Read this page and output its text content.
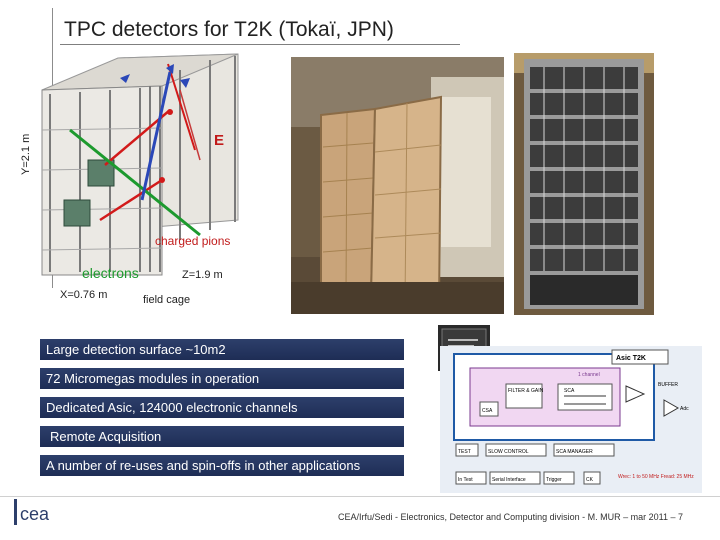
TPC detectors for T2K (Tokaï, JPN)
Y=2.1 m	E
charged pions
electrons	Z=1.9 m
X=0.76 m	field cage
Large detection surface ~10m2
72 Micromegas modules in operation
Dedicated Asic, 124000 electronic channels
Remote Acquisition
A number of re-uses and spin-offs in other applications
Asic T2K
1 channel
FILTER & GAIN	SCA
CSA
BUFFER
Adc
TEST	SLOW CONTROL	SCA MANAGER
In Test	Serial Interface	Trigger	CK	Wrec: 1 to 50 MHz Fread: 25 MHz
cea	CEA/Irfu/Sedi - Electronics, Detector and Computing division - M. MUR – mar 2011 – 7
